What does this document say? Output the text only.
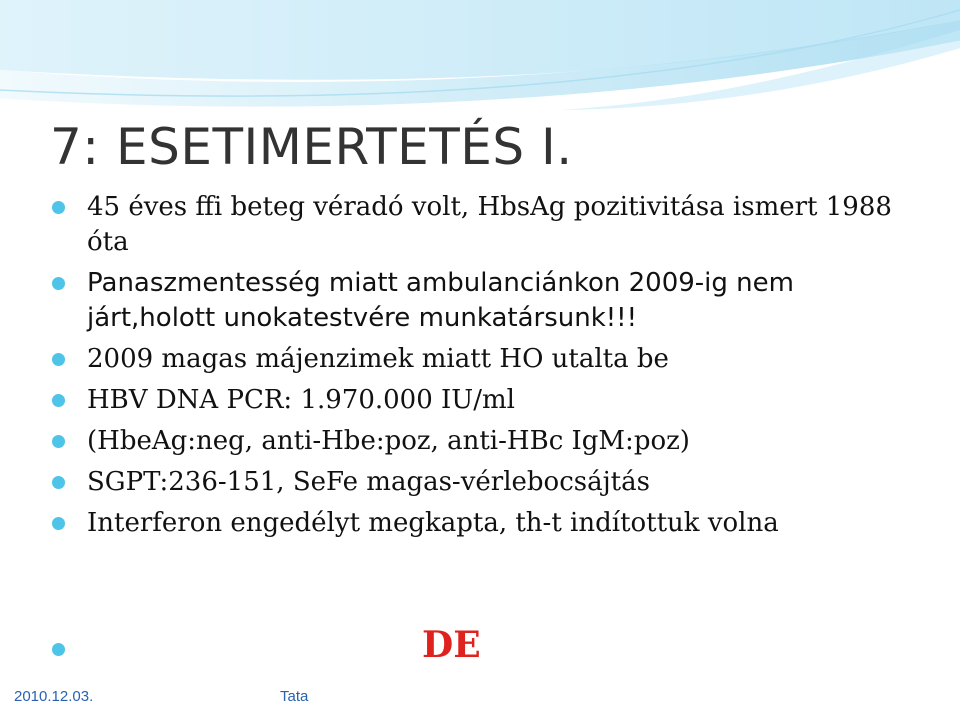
7: ESETIMERTETÉS I.
45 éves ffi beteg véradó volt, HbsAg pozitivitása ismert 1988 óta
Panaszmentesség miatt ambulanciánkon 2009-ig nem járt,holott unokatestvére munkatársunk!!!
2009 magas májenzimek miatt HO utalta be
HBV DNA PCR: 1.970.000 IU/ml
(HbeAg:neg, anti-Hbe:poz, anti-HBc IgM:poz)
SGPT:236-151, SeFe magas-vérlebocsájtás
Interferon engedélyt megkapta, th-t indítottuk volna
DE
2010.12.03.	Tata
